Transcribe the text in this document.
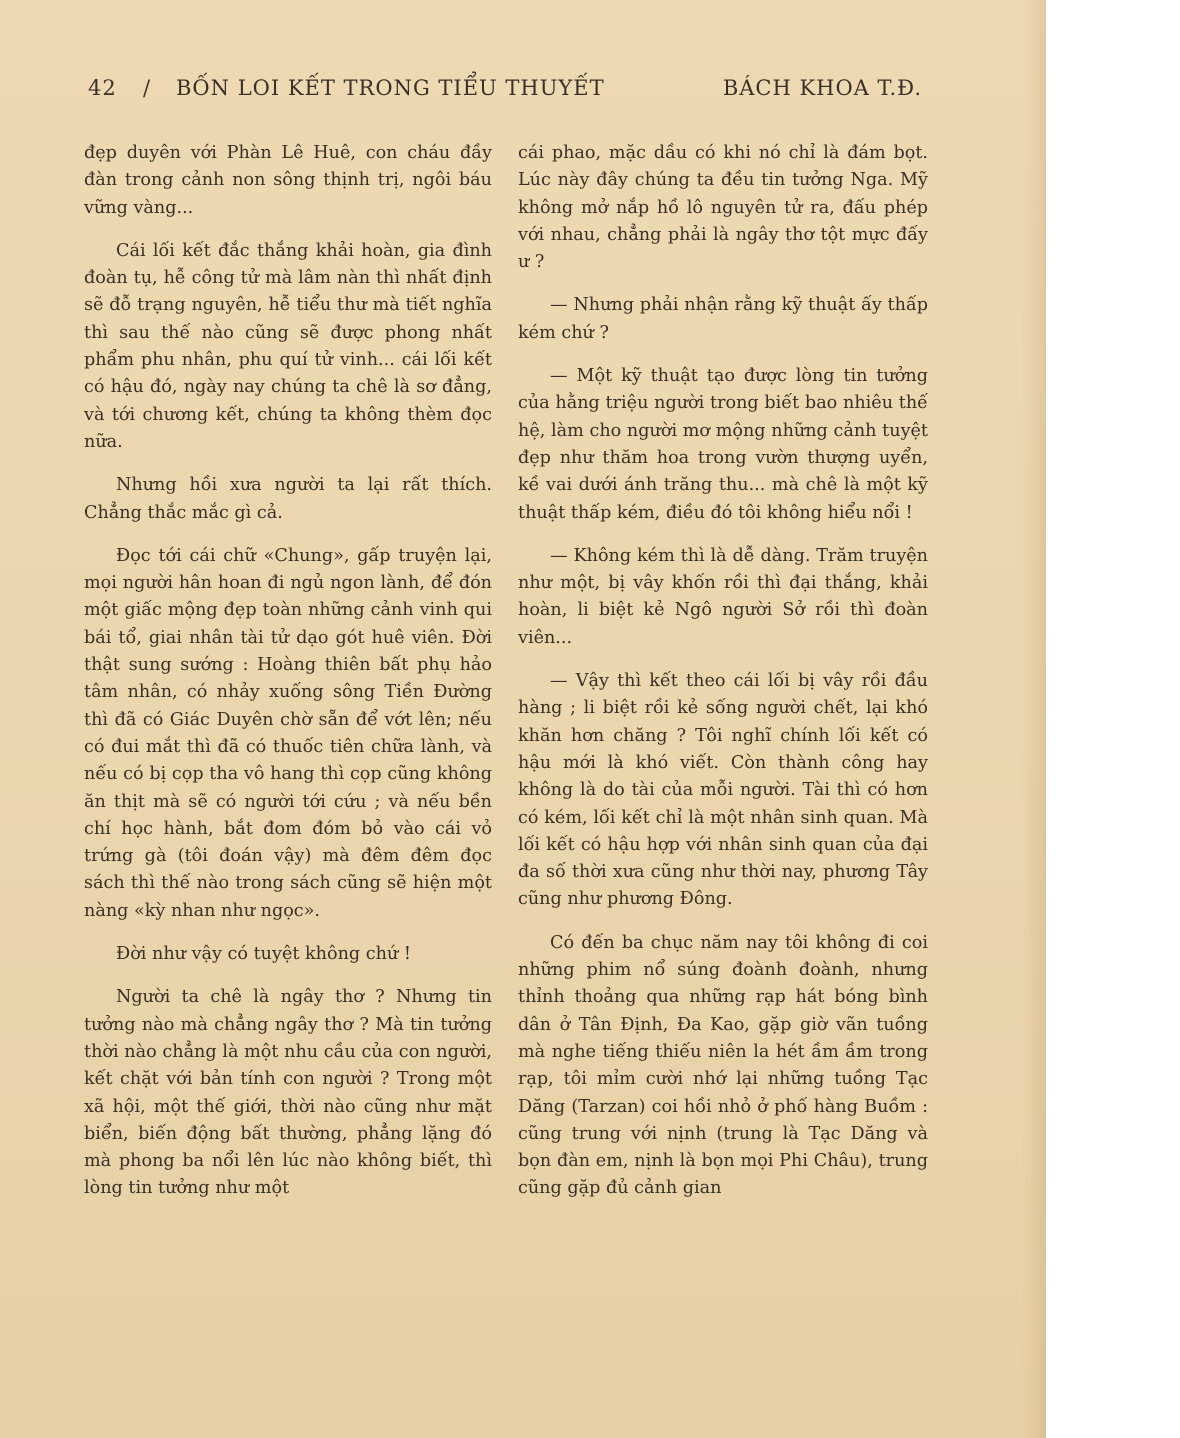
42 / BỐN LOI KẾT TRONG TIỂU THUYẾT	BÁCH KHOA T.Đ.

đẹp duyên với Phàn Lê Huê, con cháu đầy đàn trong cảnh non sông thịnh trị, ngôi báu vững vàng...

Cái lối kết đắc thắng khải hoàn, gia đình đoàn tụ, hễ công tử mà lâm nàn thì nhất định sẽ đỗ trạng nguyên, hễ tiểu thư mà tiết nghĩa thì sau thế nào cũng sẽ được phong nhất phẩm phu nhân, phu quí tử vinh... cái lối kết có hậu đó, ngày nay chúng ta chê là sơ đẳng, và tới chương kết, chúng ta không thèm đọc nữa.

Nhưng hồi xưa người ta lại rất thích. Chẳng thắc mắc gì cả.

Đọc tới cái chữ «Chung», gấp truyện lại, mọi người hân hoan đi ngủ ngon lành, để đón một giấc mộng đẹp toàn những cảnh vinh qui bái tổ, giai nhân tài tử dạo gót huê viên. Đời thật sung sướng : Hoàng thiên bất phụ hảo tâm nhân, có nhảy xuống sông Tiền Đường thì đã có Giác Duyên chờ sẵn để vớt lên; nếu có đui mắt thì đã có thuốc tiên chữa lành, và nếu có bị cọp tha vô hang thì cọp cũng không ăn thịt mà sẽ có người tới cứu ; và nếu bền chí học hành, bắt đom đóm bỏ vào cái vỏ trứng gà (tôi đoán vậy) mà đêm đêm đọc sách thì thế nào trong sách cũng sẽ hiện một nàng «kỳ nhan như ngọc».

Đời như vậy có tuyệt không chứ !

Người ta chê là ngây thơ ? Nhưng tin tưởng nào mà chẳng ngây thơ ? Mà tin tưởng thời nào chẳng là một nhu cầu của con người, kết chặt với bản tính con người ? Trong một xã hội, một thế giới, thời nào cũng như mặt biển, biến động bất thường, phẳng lặng đó mà phong ba nổi lên lúc nào không biết, thì lòng tin tưởng như một

cái phao, mặc dầu có khi nó chỉ là đám bọt. Lúc này đây chúng ta đều tin tưởng Nga. Mỹ không mở nắp hồ lô nguyên tử ra, đấu phép với nhau, chẳng phải là ngây thơ tột mực đấy ư ?

— Nhưng phải nhận rằng kỹ thuật ấy thấp kém chứ ?

— Một kỹ thuật tạo được lòng tin tưởng của hằng triệu người trong biết bao nhiêu thế hệ, làm cho người mơ mộng những cảnh tuyệt đẹp như thăm hoa trong vườn thượng uyển, kề vai dưới ánh trăng thu... mà chê là một kỹ thuật thấp kém, điều đó tôi không hiểu nổi !

— Không kém thì là dễ dàng. Trăm truyện như một, bị vây khốn rồi thì đại thắng, khải hoàn, li biệt kẻ Ngô người Sở rồi thì đoàn viên...

— Vậy thì kết theo cái lối bị vây rồi đầu hàng ; li biệt rồi kẻ sống người chết, lại khó khăn hơn chăng ? Tôi nghĩ chính lối kết có hậu mới là khó viết. Còn thành công hay không là do tài của mỗi người. Tài thì có hơn có kém, lối kết chỉ là một nhân sinh quan. Mà lối kết có hậu hợp với nhân sinh quan của đại đa số thời xưa cũng như thời nay, phương Tây cũng như phương Đông.

Có đến ba chục năm nay tôi không đi coi những phim nổ súng đoành đoành, nhưng thỉnh thoảng qua những rạp hát bóng bình dân ở Tân Định, Đa Kao, gặp giờ vãn tuồng mà nghe tiếng thiếu niên la hét ầm ầm trong rạp, tôi mỉm cười nhớ lại những tuồng Tạc Dăng (Tarzan) coi hồi nhỏ ở phố hàng Buồm : cũng trung với nịnh (trung là Tạc Dăng và bọn đàn em, nịnh là bọn mọi Phi Châu), trung cũng gặp đủ cảnh gian
